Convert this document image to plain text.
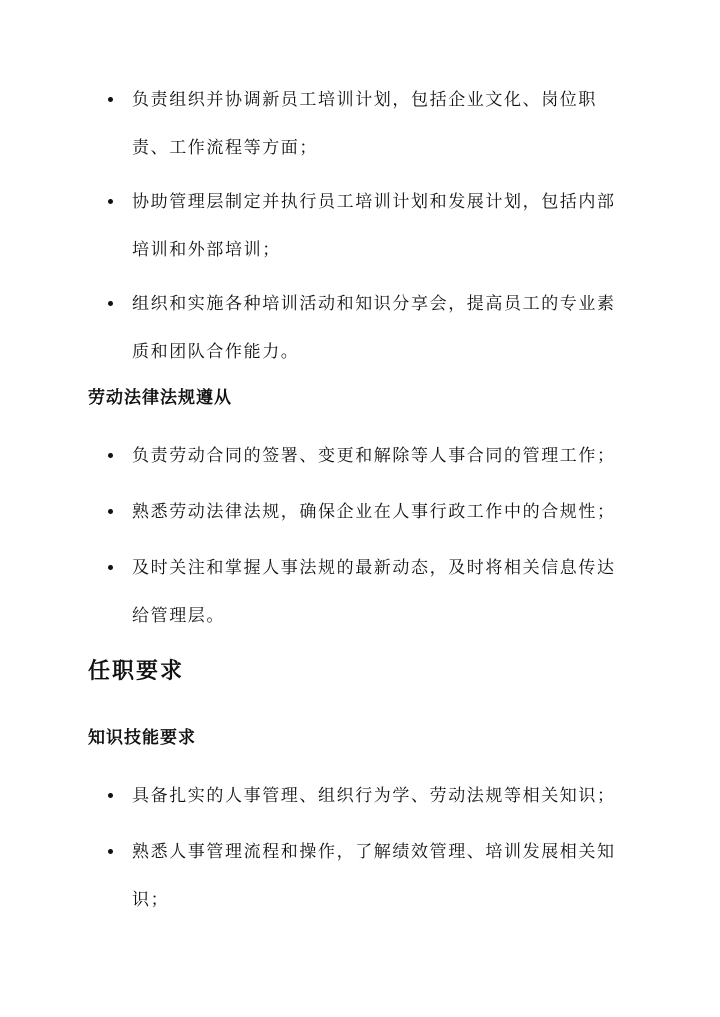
负责组织并协调新员工培训计划，包括企业文化、岗位职责、工作流程等方面；
协助管理层制定并执行员工培训计划和发展计划，包括内部培训和外部培训；
组织和实施各种培训活动和知识分享会，提高员工的专业素质和团队合作能力。
劳动法律法规遵从
负责劳动合同的签署、变更和解除等人事合同的管理工作；
熟悉劳动法律法规，确保企业在人事行政工作中的合规性；
及时关注和掌握人事法规的最新动态，及时将相关信息传达给管理层。
任职要求
知识技能要求
具备扎实的人事管理、组织行为学、劳动法规等相关知识；
熟悉人事管理流程和操作，了解绩效管理、培训发展相关知识；
